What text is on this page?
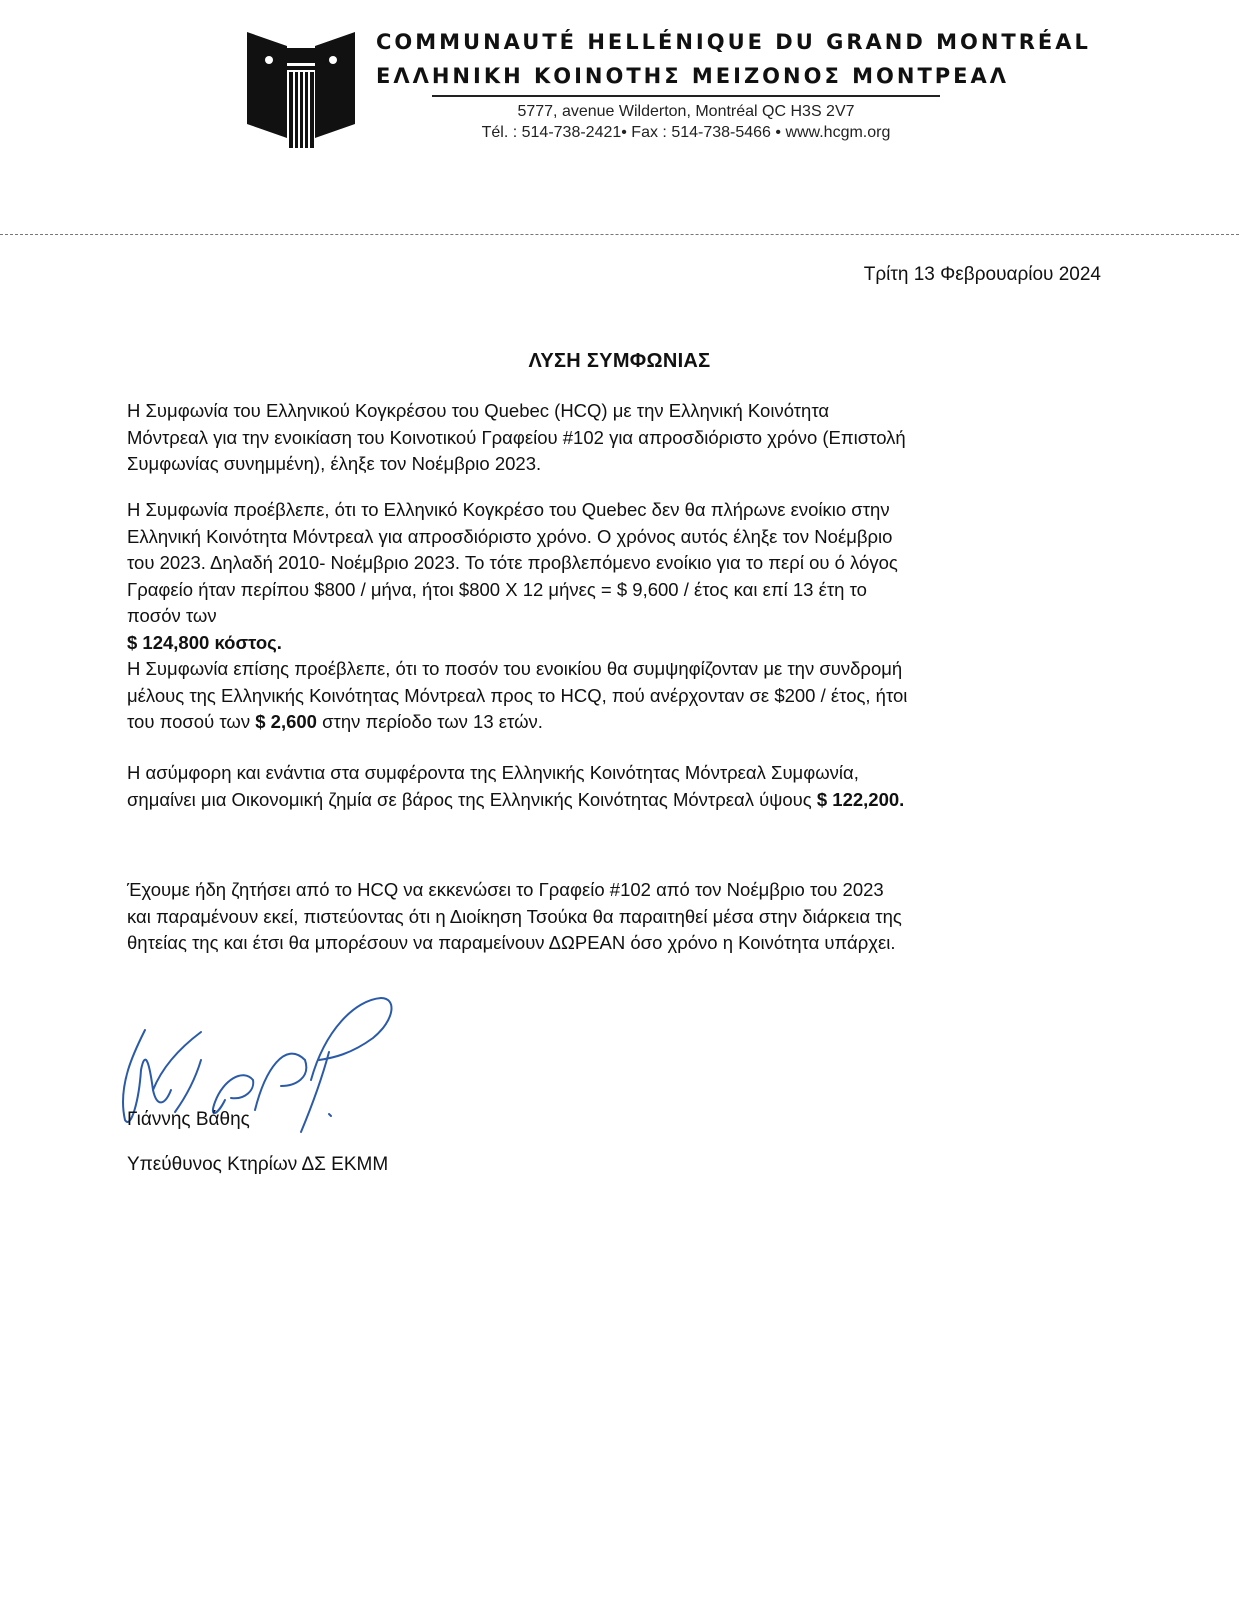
COMMUNAUTÉ HELLÉNIQUE DU GRAND MONTRÉAL
ΕΛΛΗΝΙΚΗ ΚΟΙΝΟΤΗΣ ΜΕΙΖΟΝΟΣ ΜΟΝΤΡΕΑΛ
5777, avenue Wilderton, Montréal QC H3S 2V7
Tél. : 514-738-2421• Fax : 514-738-5466 • www.hcgm.org
Τρίτη 13 Φεβρουαρίου 2024
ΛΥΣΗ ΣΥΜΦΩΝΙΑΣ
Η Συμφωνία του Ελληνικού Κογκρέσου του Quebec (HCQ) με την Ελληνική Κοινότητα
Μόντρεαλ για την ενοικίαση του Κοινοτικού Γραφείου #102 για απροσδιόριστο χρόνο (Επιστολή
Συμφωνίας συνημμένη), έληξε τον Νοέμβριο 2023.
Η Συμφωνία προέβλεπε, ότι το Ελληνικό Κογκρέσο του Quebec δεν θα πλήρωνε ενοίκιο στην
Ελληνική Κοινότητα Μόντρεαλ για απροσδιόριστο χρόνο. Ο χρόνος αυτός έληξε τον Νοέμβριο
του 2023. Δηλαδή 2010- Νοέμβριο 2023. Το τότε προβλεπόμενο ενοίκιο για το περί ου ό λόγος
Γραφείο ήταν περίπου $800 / μήνα, ήτοι $800 Χ 12 μήνες = $ 9,600 / έτος και επί 13 έτη το
ποσόν των
$ 124,800 κόστος.
Η Συμφωνία επίσης προέβλεπε, ότι το ποσόν του ενοικίου θα συμψηφίζονταν με την συνδρομή
μέλους της Ελληνικής Κοινότητας Μόντρεαλ προς το HCQ, πού ανέρχονταν σε $200 / έτος, ήτοι
του ποσού των $ 2,600 στην περίοδο των 13 ετών.
Η ασύμφορη και ενάντια στα συμφέροντα της Ελληνικής Κοινότητας Μόντρεαλ Συμφωνία,
σημαίνει μια Οικονομική ζημία σε βάρος της Ελληνικής Κοινότητας Μόντρεαλ ύψους $ 122,200.
Έχουμε ήδη ζητήσει από το HCQ να εκκενώσει το Γραφείο #102 από τον Νοέμβριο του 2023
και παραμένουν εκεί, πιστεύοντας ότι η Διοίκηση Τσούκα θα παραιτηθεί μέσα στην διάρκεια της
θητείας της και έτσι θα μπορέσουν να παραμείνουν ΔΩΡΕΑΝ όσο χρόνο η Κοινότητα υπάρχει.
Γιάννης Βάθης
Υπεύθυνος Κτηρίων ΔΣ ΕΚΜΜ
